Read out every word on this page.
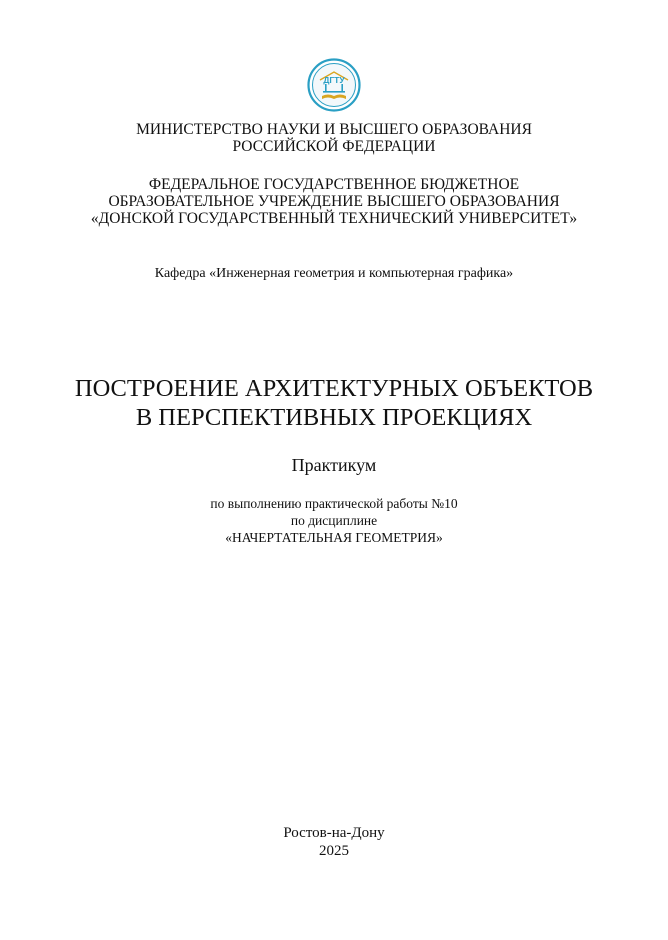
ДГТУ
МИНИСТЕРСТВО НАУКИ И ВЫСШЕГО ОБРАЗОВАНИЯ
РОССИЙСКОЙ ФЕДЕРАЦИИ
ФЕДЕРАЛЬНОЕ ГОСУДАРСТВЕННОЕ БЮДЖЕТНОЕ
ОБРАЗОВАТЕЛЬНОЕ УЧРЕЖДЕНИЕ ВЫСШЕГО ОБРАЗОВАНИЯ
«ДОНСКОЙ ГОСУДАРСТВЕННЫЙ ТЕХНИЧЕСКИЙ УНИВЕРСИТЕТ»
Кафедра «Инженерная геометрия и компьютерная графика»
ПОСТРОЕНИЕ АРХИТЕКТУРНЫХ ОБЪЕКТОВ
В ПЕРСПЕКТИВНЫХ ПРОЕКЦИЯХ
Практикум
по выполнению практической работы №10
по дисциплине
«НАЧЕРТАТЕЛЬНАЯ ГЕОМЕТРИЯ»
Ростов-на-Дону
2025
